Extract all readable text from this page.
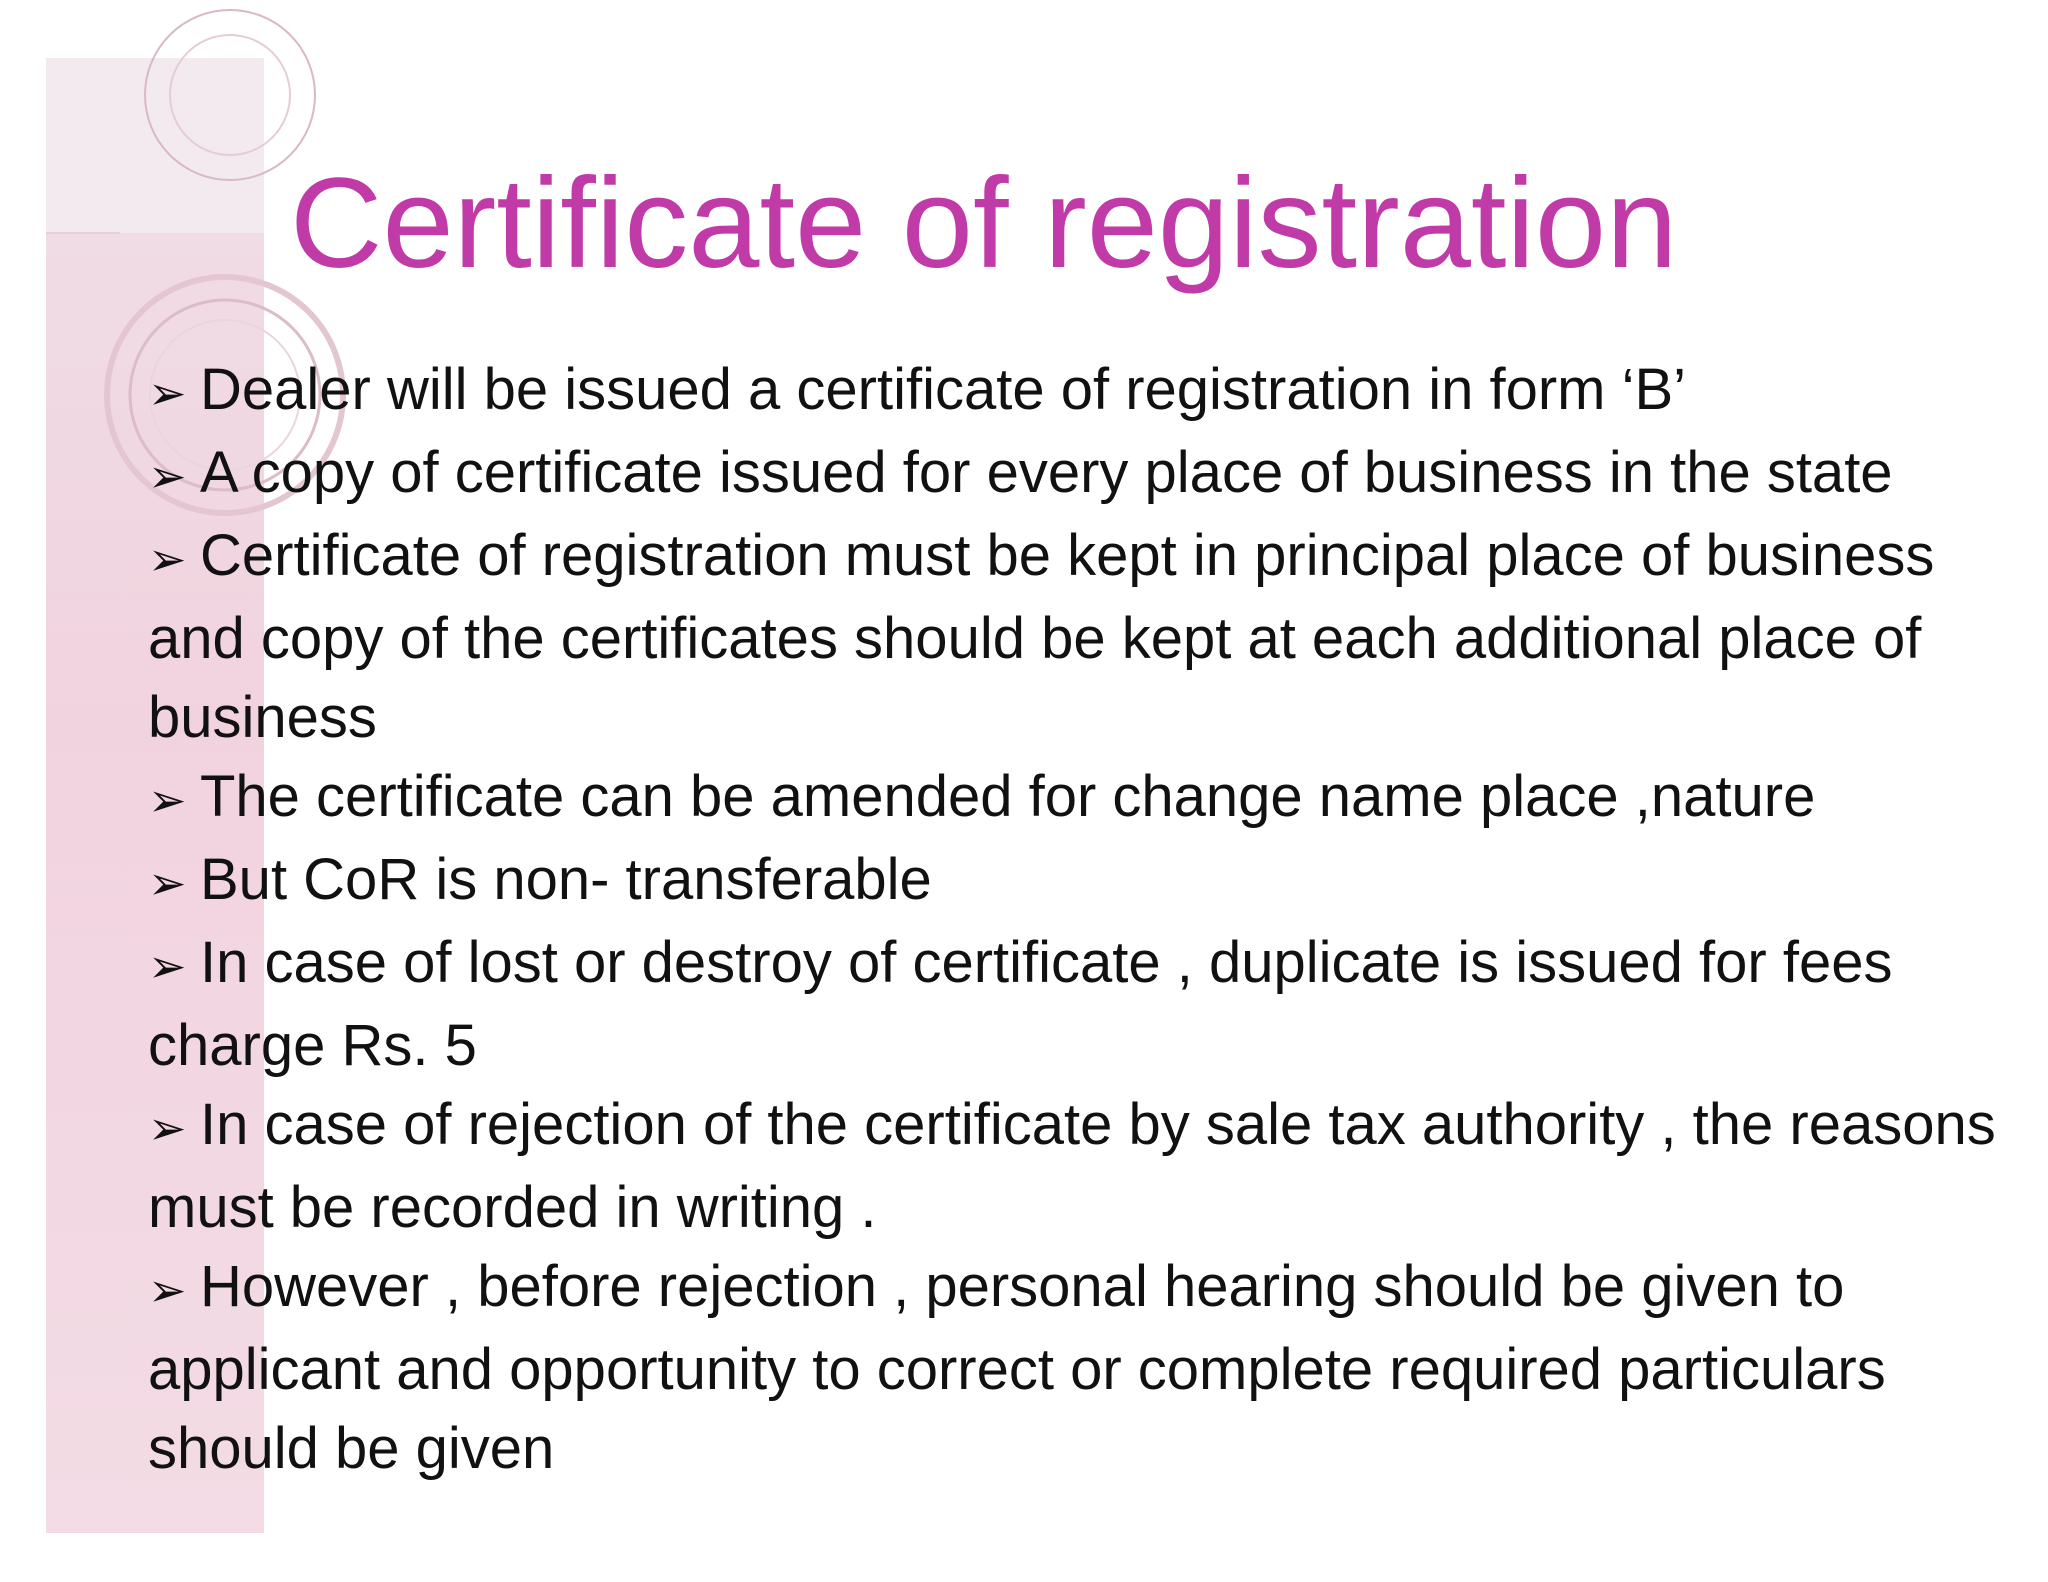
Certificate of registration
➢ Dealer will be issued a certificate of registration in form ‘B’
➢ A copy of certificate issued for every place of business in the state
➢ Certificate of registration must be kept in principal place of business and copy of the certificates should be kept at each additional place of business
➢ The certificate can be amended for change name place ,nature
➢ But CoR is non- transferable
➢ In case of lost or destroy of certificate , duplicate is issued for fees charge Rs. 5
➢ In case of rejection of the certificate by sale tax authority , the reasons must be recorded in writing .
➢ However , before rejection , personal hearing should be given to applicant and opportunity to correct or complete required particulars should be given
